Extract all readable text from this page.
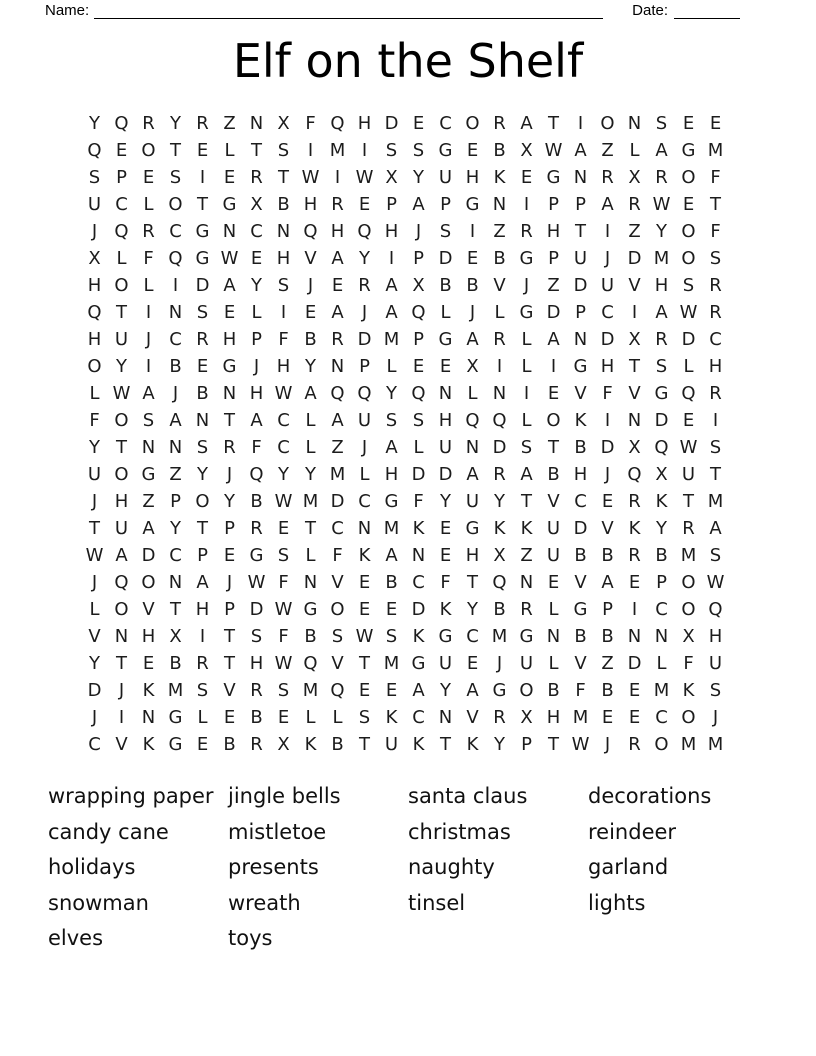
Name:	Date:
Elf on the Shelf
Y Q R Y R Z N X F Q H D E C O R A T	I O N S E E
Q E O T E L T S	I M I	S S G E B X W A Z L A G M
S P E S	I	E R T W I W X Y U H K E G N R X R O F
U C L O T G X B H R E P A P G N I	P P A R W E T
J Q R C G N C N Q H Q H J	S	I	Z R H T	I	Z Y O F
X L F Q G W E H V A Y	I	P D E B G P U J D M O S
H O L	I D A Y S	J	E R A X B B V	J	Z D U V H S R
Q T	I N S E L	I	E A	J	A Q L	J	L G D P C	I	A W R
H U J	C R H P F B R D M P G A R L A N D X R D C
O Y	I	B E G J H Y N P L E E X	I	L	I G H T S L H
L W A	J	B N H W A Q Q Y Q N L N I	E V F V G Q R
F O S A N T A C L A U S S H Q Q L O K	I N D E	I
Y T N N S R F C L Z	J	A L U N D S T B D X Q W S
U O G Z Y	J Q Y Y M L H D D A R A B H J Q X U T
J H Z P O Y B W M D C G F Y U Y T V C E R K T M
T U A Y T P R E T C N M K E G K K U D V K Y R A
W A D C P E G S L F K A N E H X Z U B B R B M S
J Q O N A	J W F N V E B C F T Q N E V A E P O W
L O V T H P D W G O E E D K Y B R L G P	I	C O Q
V N H X	I	T S F B S W S K G C M G N B B N N X H
Y T E B R T H W Q V T M G U E	J U L V Z D L F U
D J	K M S V R S M Q E E A Y A G O B F B E M K S
J	I N G L E B E L L S K C N V R X H M E E C O J
C V K G E B R X K B T U K T K Y P T W J	R O M M
wrapping paper
candy cane
holidays
snowman
elves
jingle bells
mistletoe
presents
wreath
toys
santa claus
christmas
naughty
tinsel
decorations
reindeer
garland
lights
